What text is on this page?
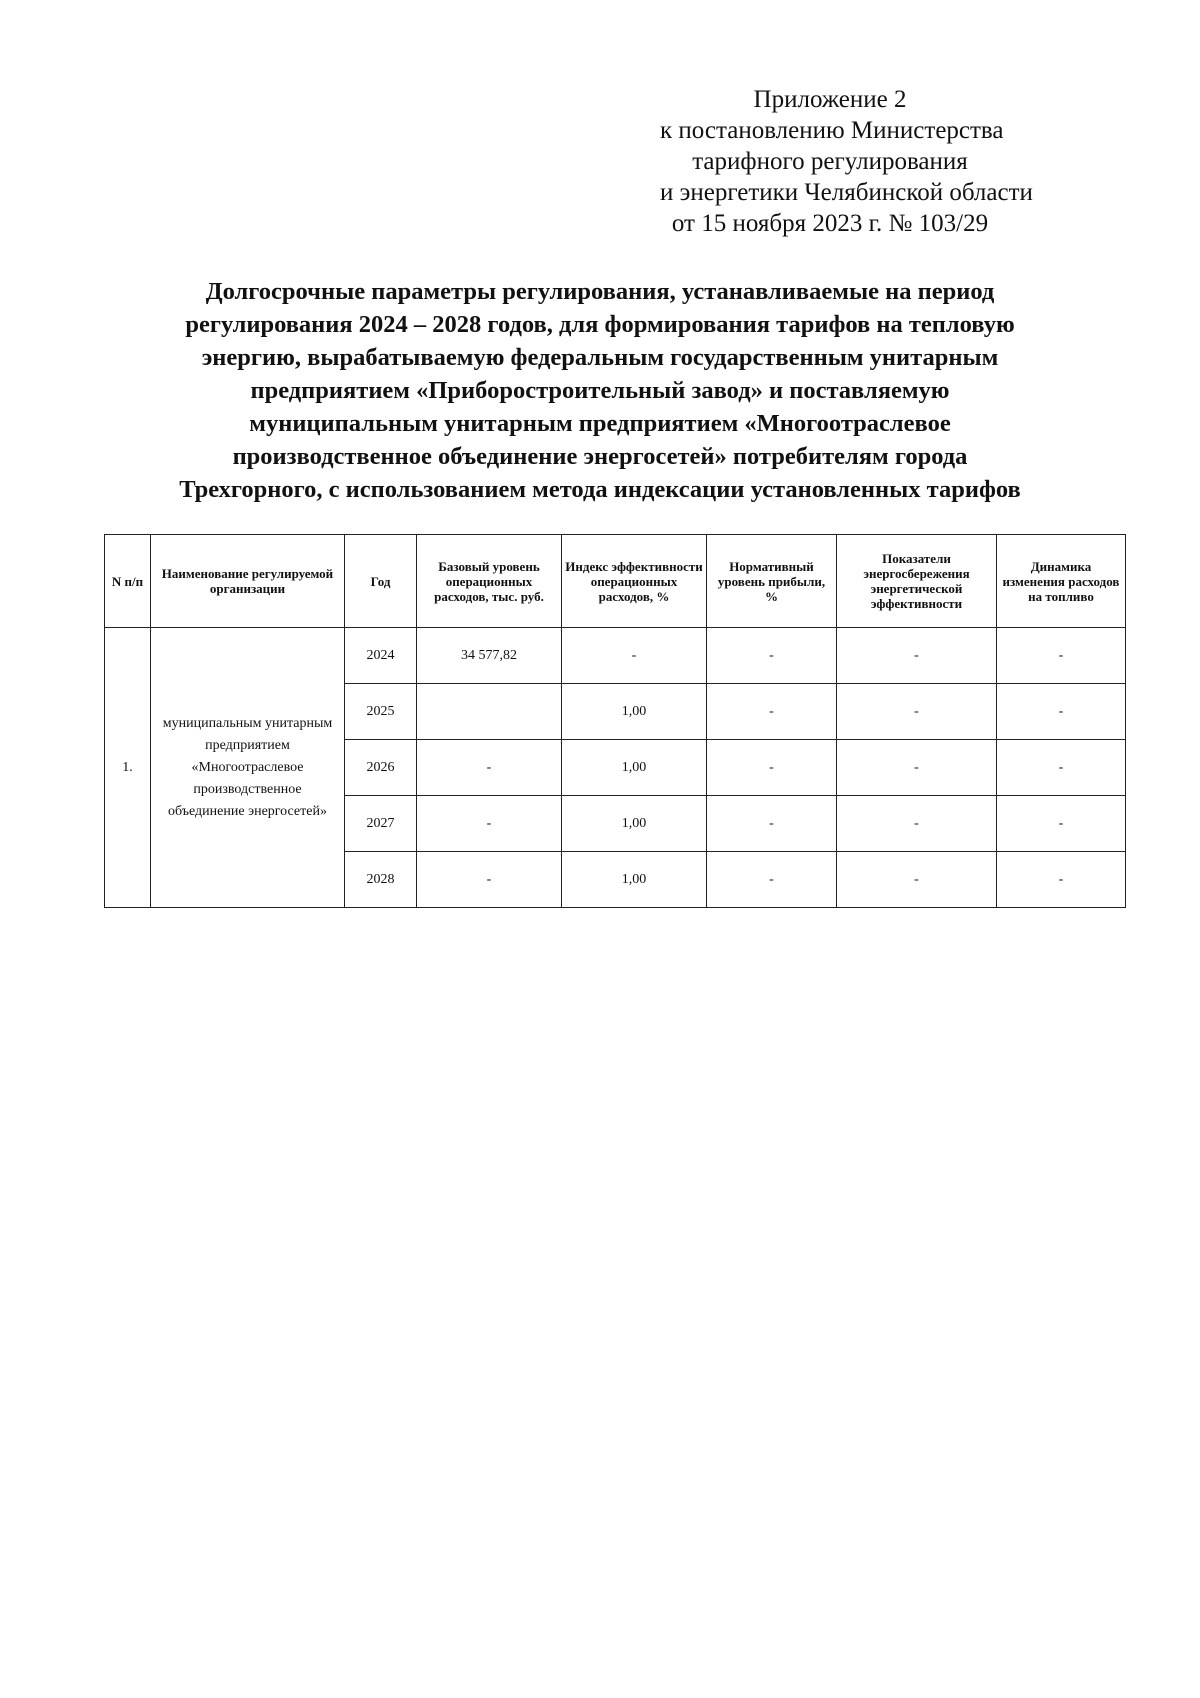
Приложение 2
к постановлению Министерства
тарифного регулирования
и энергетики Челябинской области
от 15 ноября 2023 г. № 103/29
Долгосрочные параметры регулирования, устанавливаемые на период
регулирования 2024 – 2028 годов, для формирования тарифов на тепловую
энергию, вырабатываемую федеральным государственным унитарным
предприятием «Приборостроительный завод» и поставляемую
муниципальным унитарным предприятием «Многоотраслевое
производственное объединение энергосетей» потребителям города
Трехгорного, с использованием метода индексации установленных тарифов
N п/п	Наименование регулируемой организации	Год	Базовый уровень операционных расходов, тыс. руб.	Индекс эффективности операционных расходов, %	Нормативный уровень прибыли, %	Показатели энергосбережения энергетической эффективности	Динамика изменения расходов на топливо
1.	муниципальным унитарным предприятием «Многоотраслевое производственное объединение энергосетей»	2024	34 577,82	-	-	-	-
		2025		1,00	-	-	-
		2026	-	1,00	-	-	-
		2027	-	1,00	-	-	-
		2028	-	1,00	-	-	-
